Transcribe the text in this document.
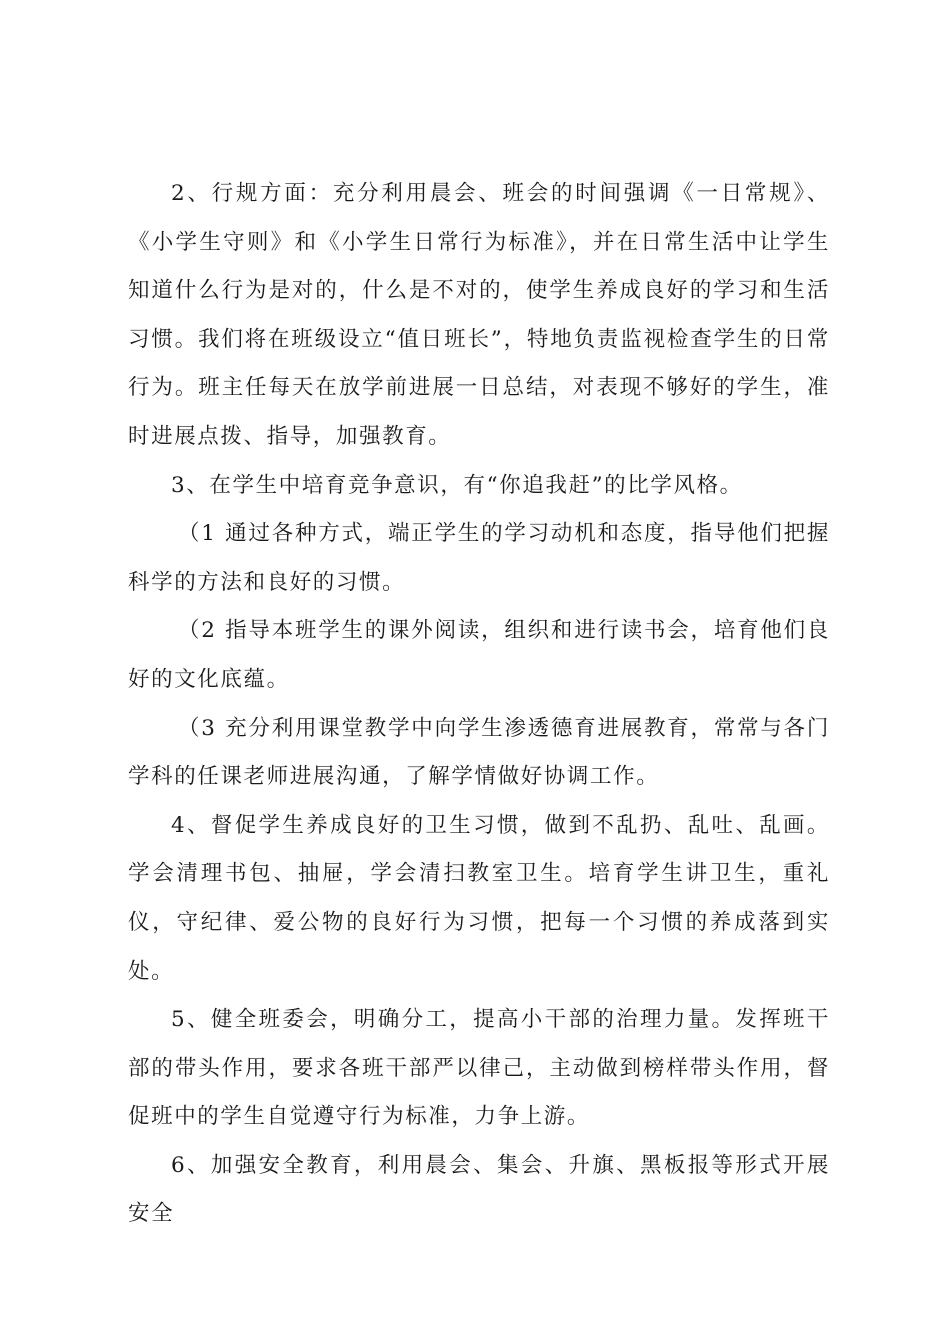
2、行规方面：充分利用晨会、班会的时间强调《一日常规》、《小学生守则》和《小学生日常行为标准》，并在日常生活中让学生知道什么行为是对的，什么是不对的，使学生养成良好的学习和生活习惯。我们将在班级设立“值日班长”，特地负责监视检查学生的日常行为。班主任每天在放学前进展一日总结，对表现不够好的学生，准时进展点拨、指导，加强教育。

3、在学生中培育竞争意识，有“你追我赶”的比学风格。

（1 通过各种方式，端正学生的学习动机和态度，指导他们把握科学的方法和良好的习惯。

（2 指导本班学生的课外阅读，组织和进行读书会，培育他们良好的文化底蕴。

（3 充分利用课堂教学中向学生渗透德育进展教育，常常与各门学科的任课老师进展沟通，了解学情做好协调工作。

4、督促学生养成良好的卫生习惯，做到不乱扔、乱吐、乱画。学会清理书包、抽屉，学会清扫教室卫生。培育学生讲卫生，重礼仪，守纪律、爱公物的良好行为习惯，把每一个习惯的养成落到实处。

5、健全班委会，明确分工，提高小干部的治理力量。发挥班干部的带头作用，要求各班干部严以律己，主动做到榜样带头作用，督促班中的学生自觉遵守行为标准，力争上游。

6、加强安全教育，利用晨会、集会、升旗、黑板报等形式开展安全
